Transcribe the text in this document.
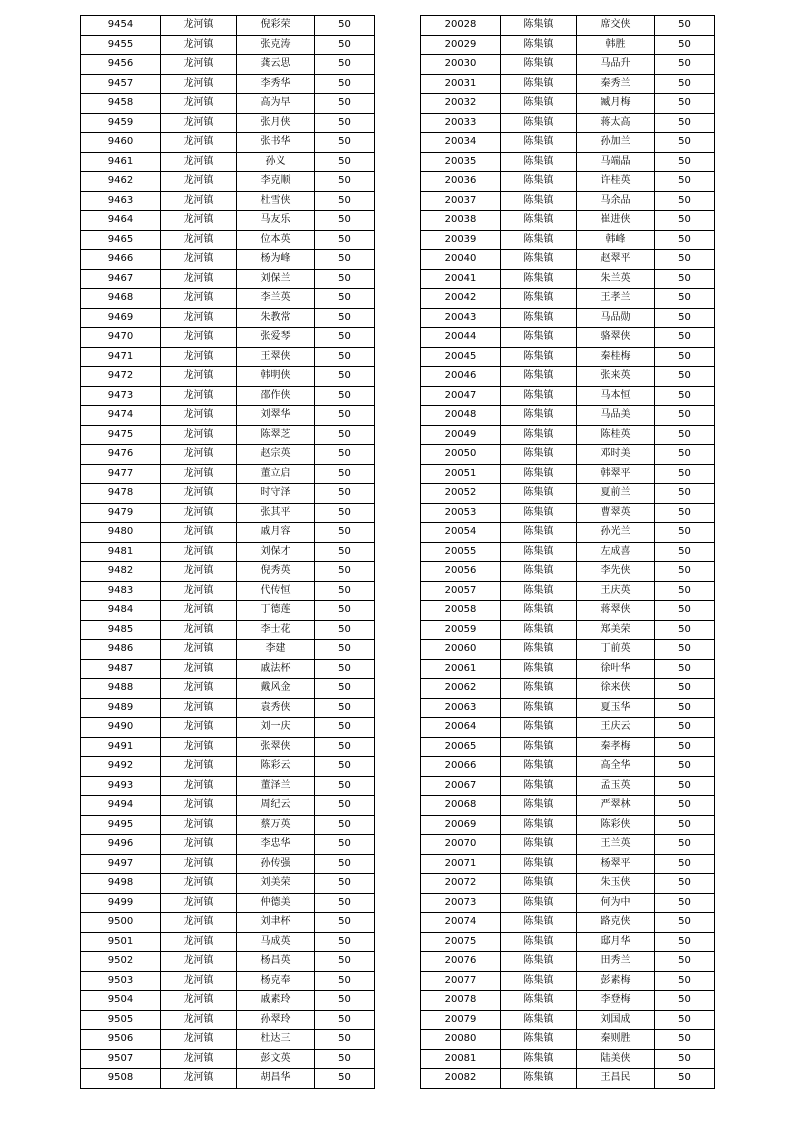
9454	龙河镇	倪彩荣	50
9455	龙河镇	张克涛	50
9456	龙河镇	龚云思	50
9457	龙河镇	李秀华	50
9458	龙河镇	高为早	50
9459	龙河镇	张月侠	50
9460	龙河镇	张书华	50
9461	龙河镇	孙义	50
9462	龙河镇	李克顺	50
9463	龙河镇	杜雪侠	50
9464	龙河镇	马友乐	50
9465	龙河镇	位本英	50
9466	龙河镇	杨为峰	50
9467	龙河镇	刘保兰	50
9468	龙河镇	李兰英	50
9469	龙河镇	朱教常	50
9470	龙河镇	张爱琴	50
9471	龙河镇	王翠侠	50
9472	龙河镇	韩明侠	50
9473	龙河镇	邵作侠	50
9474	龙河镇	刘翠华	50
9475	龙河镇	陈翠芝	50
9476	龙河镇	赵宗英	50
9477	龙河镇	董立启	50
9478	龙河镇	时守泽	50
9479	龙河镇	张其平	50
9480	龙河镇	戚月容	50
9481	龙河镇	刘保才	50
9482	龙河镇	倪秀英	50
9483	龙河镇	代传恒	50
9484	龙河镇	丁德莲	50
9485	龙河镇	李士花	50
9486	龙河镇	李建	50
9487	龙河镇	戚法杯	50
9488	龙河镇	戴风金	50
9489	龙河镇	袁秀侠	50
9490	龙河镇	刘一庆	50
9491	龙河镇	张翠侠	50
9492	龙河镇	陈彩云	50
9493	龙河镇	董泽兰	50
9494	龙河镇	周纪云	50
9495	龙河镇	蔡万英	50
9496	龙河镇	李忠华	50
9497	龙河镇	孙传强	50
9498	龙河镇	刘美荣	50
9499	龙河镇	仲德美	50
9500	龙河镇	刘聿杯	50
9501	龙河镇	马成英	50
9502	龙河镇	杨昌英	50
9503	龙河镇	杨克奉	50
9504	龙河镇	戚素玲	50
9505	龙河镇	孙翠玲	50
9506	龙河镇	杜达三	50
9507	龙河镇	彭文英	50
9508	龙河镇	胡昌华	50
20028	陈集镇	席交侠	50
20029	陈集镇	韩胜	50
20030	陈集镇	马品升	50
20031	陈集镇	秦秀兰	50
20032	陈集镇	臧月梅	50
20033	陈集镇	蒋太高	50
20034	陈集镇	孙加兰	50
20035	陈集镇	马端晶	50
20036	陈集镇	许桂英	50
20037	陈集镇	马余品	50
20038	陈集镇	崔进侠	50
20039	陈集镇	韩峰	50
20040	陈集镇	赵翠平	50
20041	陈集镇	朱兰英	50
20042	陈集镇	王孝兰	50
20043	陈集镇	马品勋	50
20044	陈集镇	骆翠侠	50
20045	陈集镇	秦桂梅	50
20046	陈集镇	张来英	50
20047	陈集镇	马本恒	50
20048	陈集镇	马品美	50
20049	陈集镇	陈桂英	50
20050	陈集镇	邓时美	50
20051	陈集镇	韩翠平	50
20052	陈集镇	夏前兰	50
20053	陈集镇	曹翠英	50
20054	陈集镇	孙光兰	50
20055	陈集镇	左成喜	50
20056	陈集镇	李先侠	50
20057	陈集镇	王庆英	50
20058	陈集镇	蒋翠侠	50
20059	陈集镇	郑美荣	50
20060	陈集镇	丁前英	50
20061	陈集镇	徐叶华	50
20062	陈集镇	徐来侠	50
20063	陈集镇	夏玉华	50
20064	陈集镇	王庆云	50
20065	陈集镇	秦孝梅	50
20066	陈集镇	高全华	50
20067	陈集镇	孟玉英	50
20068	陈集镇	严翠林	50
20069	陈集镇	陈彩侠	50
20070	陈集镇	王兰英	50
20071	陈集镇	杨翠平	50
20072	陈集镇	朱玉侠	50
20073	陈集镇	何为中	50
20074	陈集镇	路克侠	50
20075	陈集镇	邸月华	50
20076	陈集镇	田秀兰	50
20077	陈集镇	彭素梅	50
20078	陈集镇	李登梅	50
20079	陈集镇	刘国成	50
20080	陈集镇	秦则胜	50
20081	陈集镇	陆美侠	50
20082	陈集镇	王昌民	50
